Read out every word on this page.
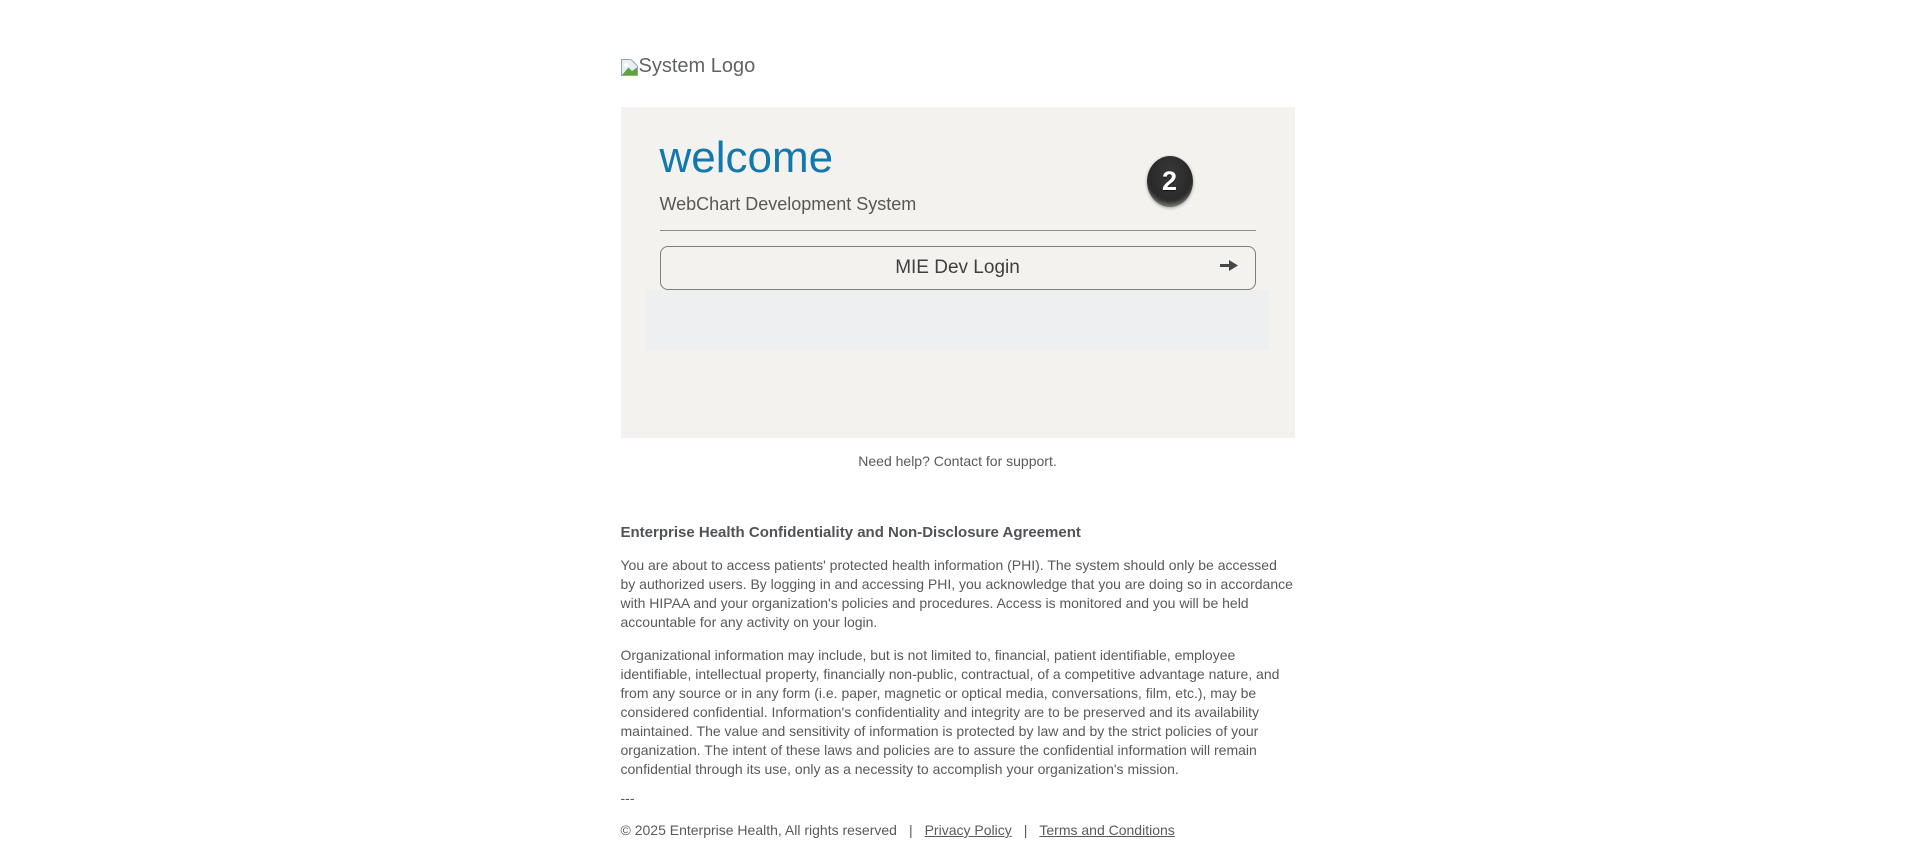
System Logo
2
welcome
WebChart Development System
MIE Dev Login
Need help? Contact for support.
Enterprise Health Confidentiality and Non-Disclosure Agreement

You are about to access patients' protected health information (PHI). The system should only be accessed by authorized users. By logging in and accessing PHI, you acknowledge that you are doing so in accordance with HIPAA and your organization's policies and procedures. Access is monitored and you will be held accountable for any activity on your login.

Organizational information may include, but is not limited to, financial, patient identifiable, employee identifiable, intellectual property, financially non-public, contractual, of a competitive advantage nature, and from any source or in any form (i.e. paper, magnetic or optical media, conversations, film, etc.), may be considered confidential. Information's confidentiality and integrity are to be preserved and its availability maintained. The value and sensitivity of information is protected by law and by the strict policies of your organization. The intent of these laws and policies are to assure the confidential information will remain confidential through its use, only as a necessity to accomplish your organization's mission.

---

© 2025 Enterprise Health, All rights reserved | Privacy Policy | Terms and Conditions
